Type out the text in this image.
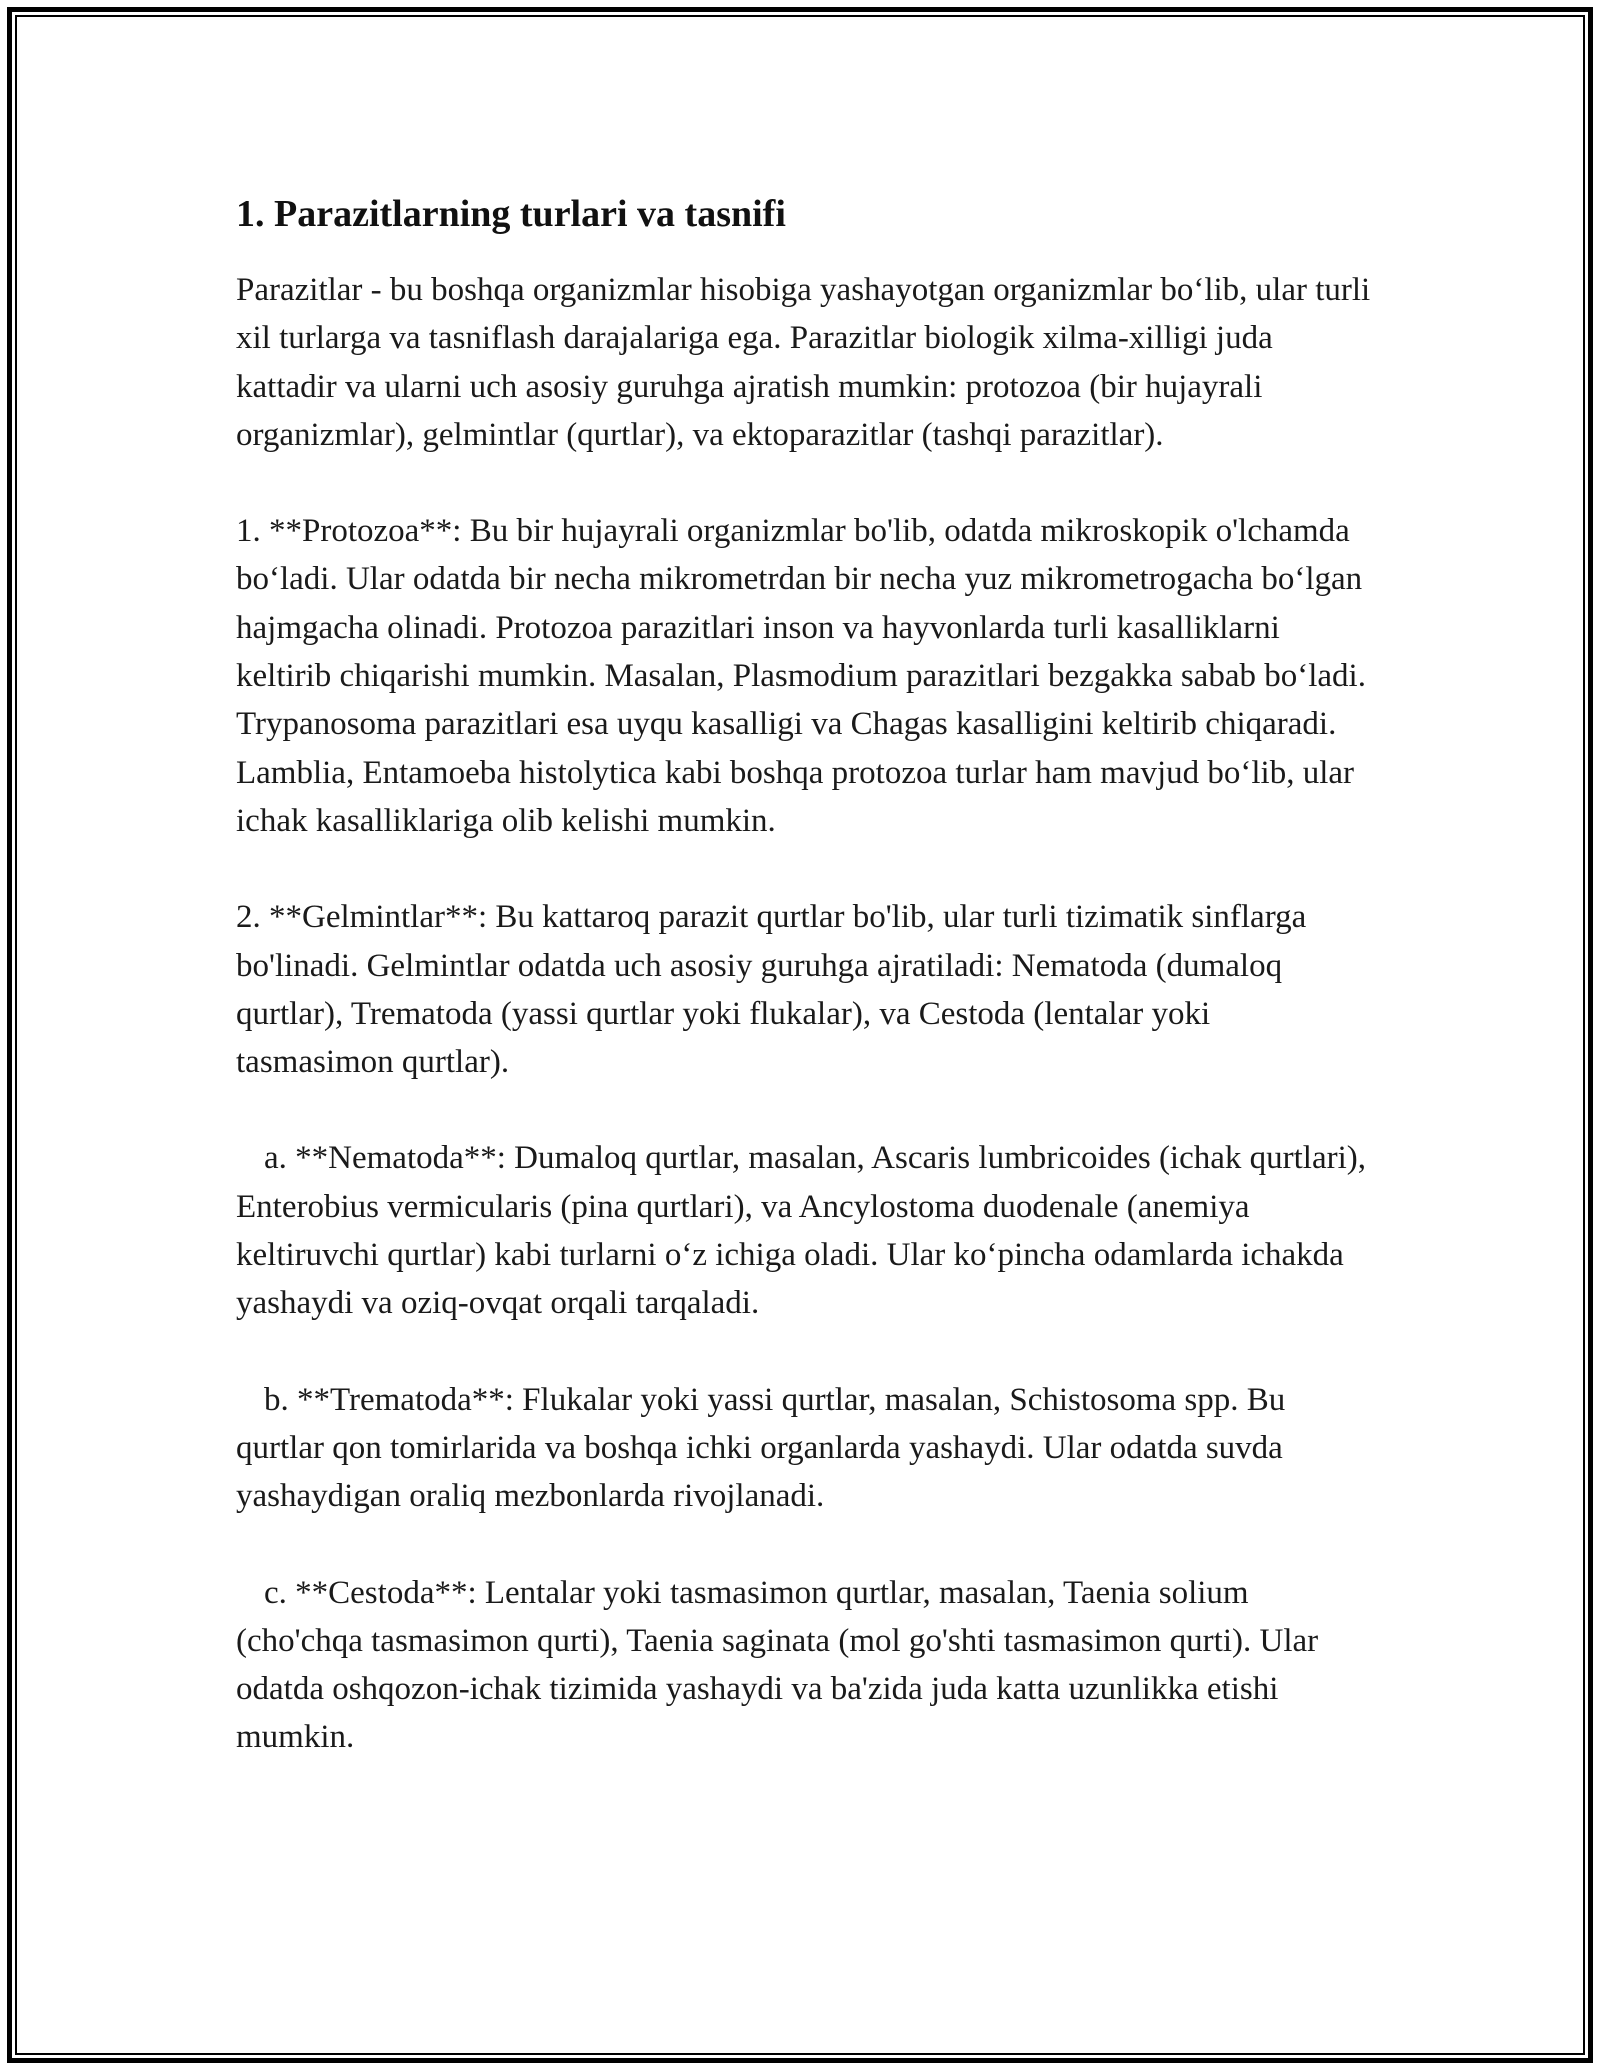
1. Parazitlarning turlari va tasnifi

Parazitlar - bu boshqa organizmlar hisobiga yashayotgan organizmlar bo‘lib, ular turli xil turlarga va tasniflash darajalariga ega. Parazitlar biologik xilma-xilligi juda kattadir va ularni uch asosiy guruhga ajratish mumkin: protozoa (bir hujayrali organizmlar), gelmintlar (qurtlar), va ektoparazitlar (tashqi parazitlar).

1. **Protozoa**: Bu bir hujayrali organizmlar bo'lib, odatda mikroskopik o'lchamda bo‘ladi. Ular odatda bir necha mikrometrdan bir necha yuz mikrometrogacha bo‘lgan hajmgacha olinadi. Protozoa parazitlari inson va hayvonlarda turli kasalliklarni keltirib chiqarishi mumkin. Masalan, Plasmodium parazitlari bezgakka sabab bo‘ladi. Trypanosoma parazitlari esa uyqu kasalligi va Chagas kasalligini keltirib chiqaradi. Lamblia, Entamoeba histolytica kabi boshqa protozoa turlar ham mavjud bo‘lib, ular ichak kasalliklariga olib kelishi mumkin.

2. **Gelmintlar**: Bu kattaroq parazit qurtlar bo'lib, ular turli tizimatik sinflarga bo'linadi. Gelmintlar odatda uch asosiy guruhga ajratiladi: Nematoda (dumaloq qurtlar), Trematoda (yassi qurtlar yoki flukalar), va Cestoda (lentalar yoki tasmasimon qurtlar).

a. **Nematoda**: Dumaloq qurtlar, masalan, Ascaris lumbricoides (ichak qurtlari), Enterobius vermicularis (pina qurtlari), va Ancylostoma duodenale (anemiya keltiruvchi qurtlar) kabi turlarni o‘z ichiga oladi. Ular ko‘pincha odamlarda ichakda yashaydi va oziq-ovqat orqali tarqaladi.

b. **Trematoda**: Flukalar yoki yassi qurtlar, masalan, Schistosoma spp. Bu qurtlar qon tomirlarida va boshqa ichki organlarda yashaydi. Ular odatda suvda yashaydigan oraliq mezbonlarda rivojlanadi.

c. **Cestoda**: Lentalar yoki tasmasimon qurtlar, masalan, Taenia solium (cho'chqa tasmasimon qurti), Taenia saginata (mol go'shti tasmasimon qurti). Ular odatda oshqozon-ichak tizimida yashaydi va ba'zida juda katta uzunlikka etishi mumkin.
